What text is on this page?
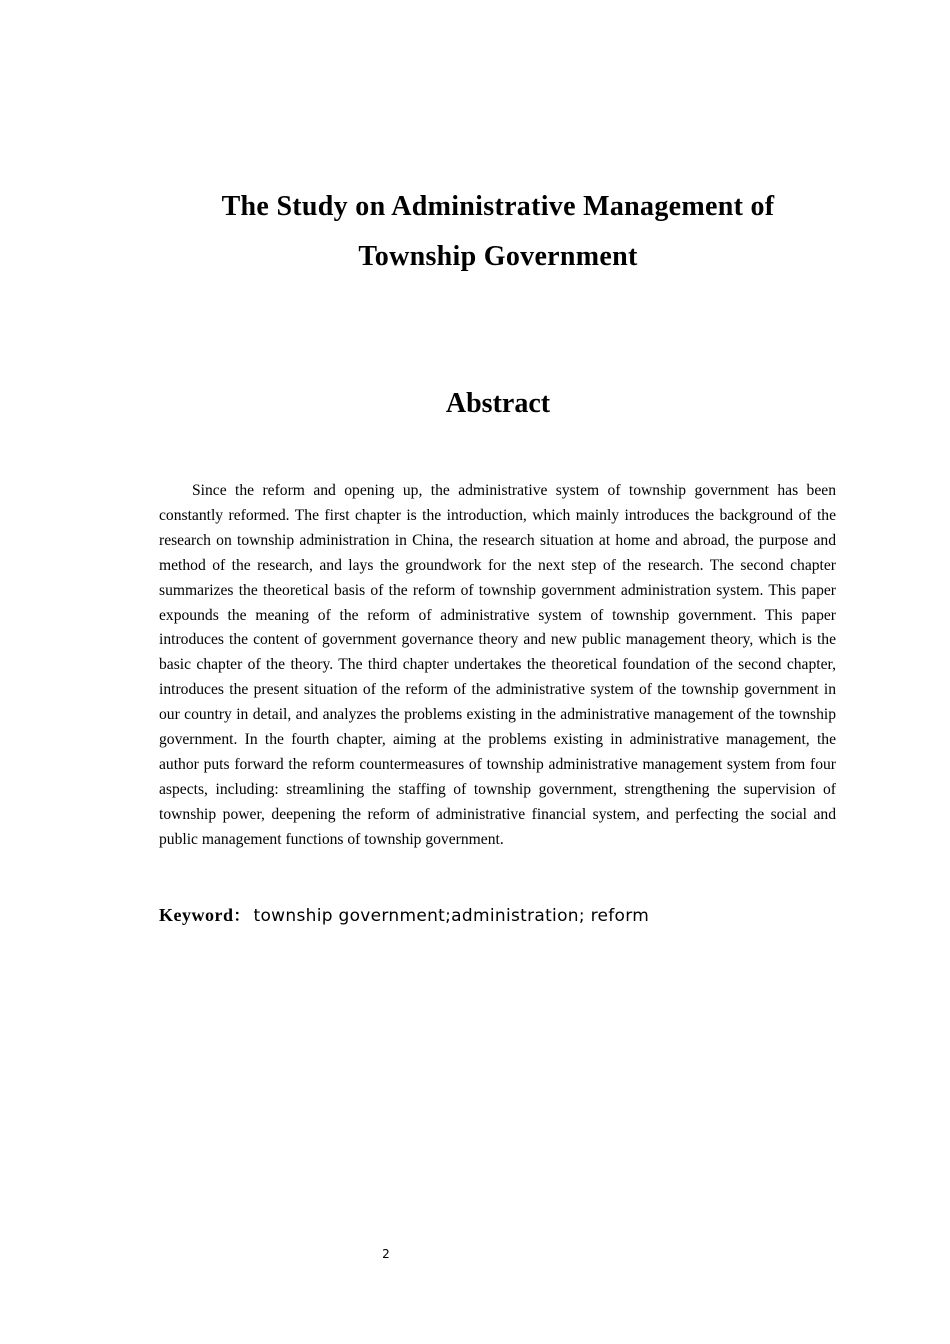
The Study on Administrative Management of

Township Government

Abstract

Since the reform and opening up, the administrative system of township government has been constantly reformed. The first chapter is the introduction, which mainly introduces the background of the research on township administration in China, the research situation at home and abroad, the purpose and method of the research, and lays the groundwork for the next step of the research. The second chapter summarizes the theoretical basis of the reform of township government administration system. This paper expounds the meaning of the reform of administrative system of township government. This paper introduces the content of government governance theory and new public management theory, which is the basic chapter of the theory. The third chapter undertakes the theoretical foundation of the second chapter, introduces the present situation of the reform of the administrative system of the township government in our country in detail, and analyzes the problems existing in the administrative management of the township government. In the fourth chapter, aiming at the problems existing in administrative management, the author puts forward the reform countermeasures of township administrative management system from four aspects, including: streamlining the staffing of township government, strengthening the supervision of township power, deepening the reform of administrative financial system, and perfecting the social and public management functions of township government.

Keyword： township government;administration; reform

2
